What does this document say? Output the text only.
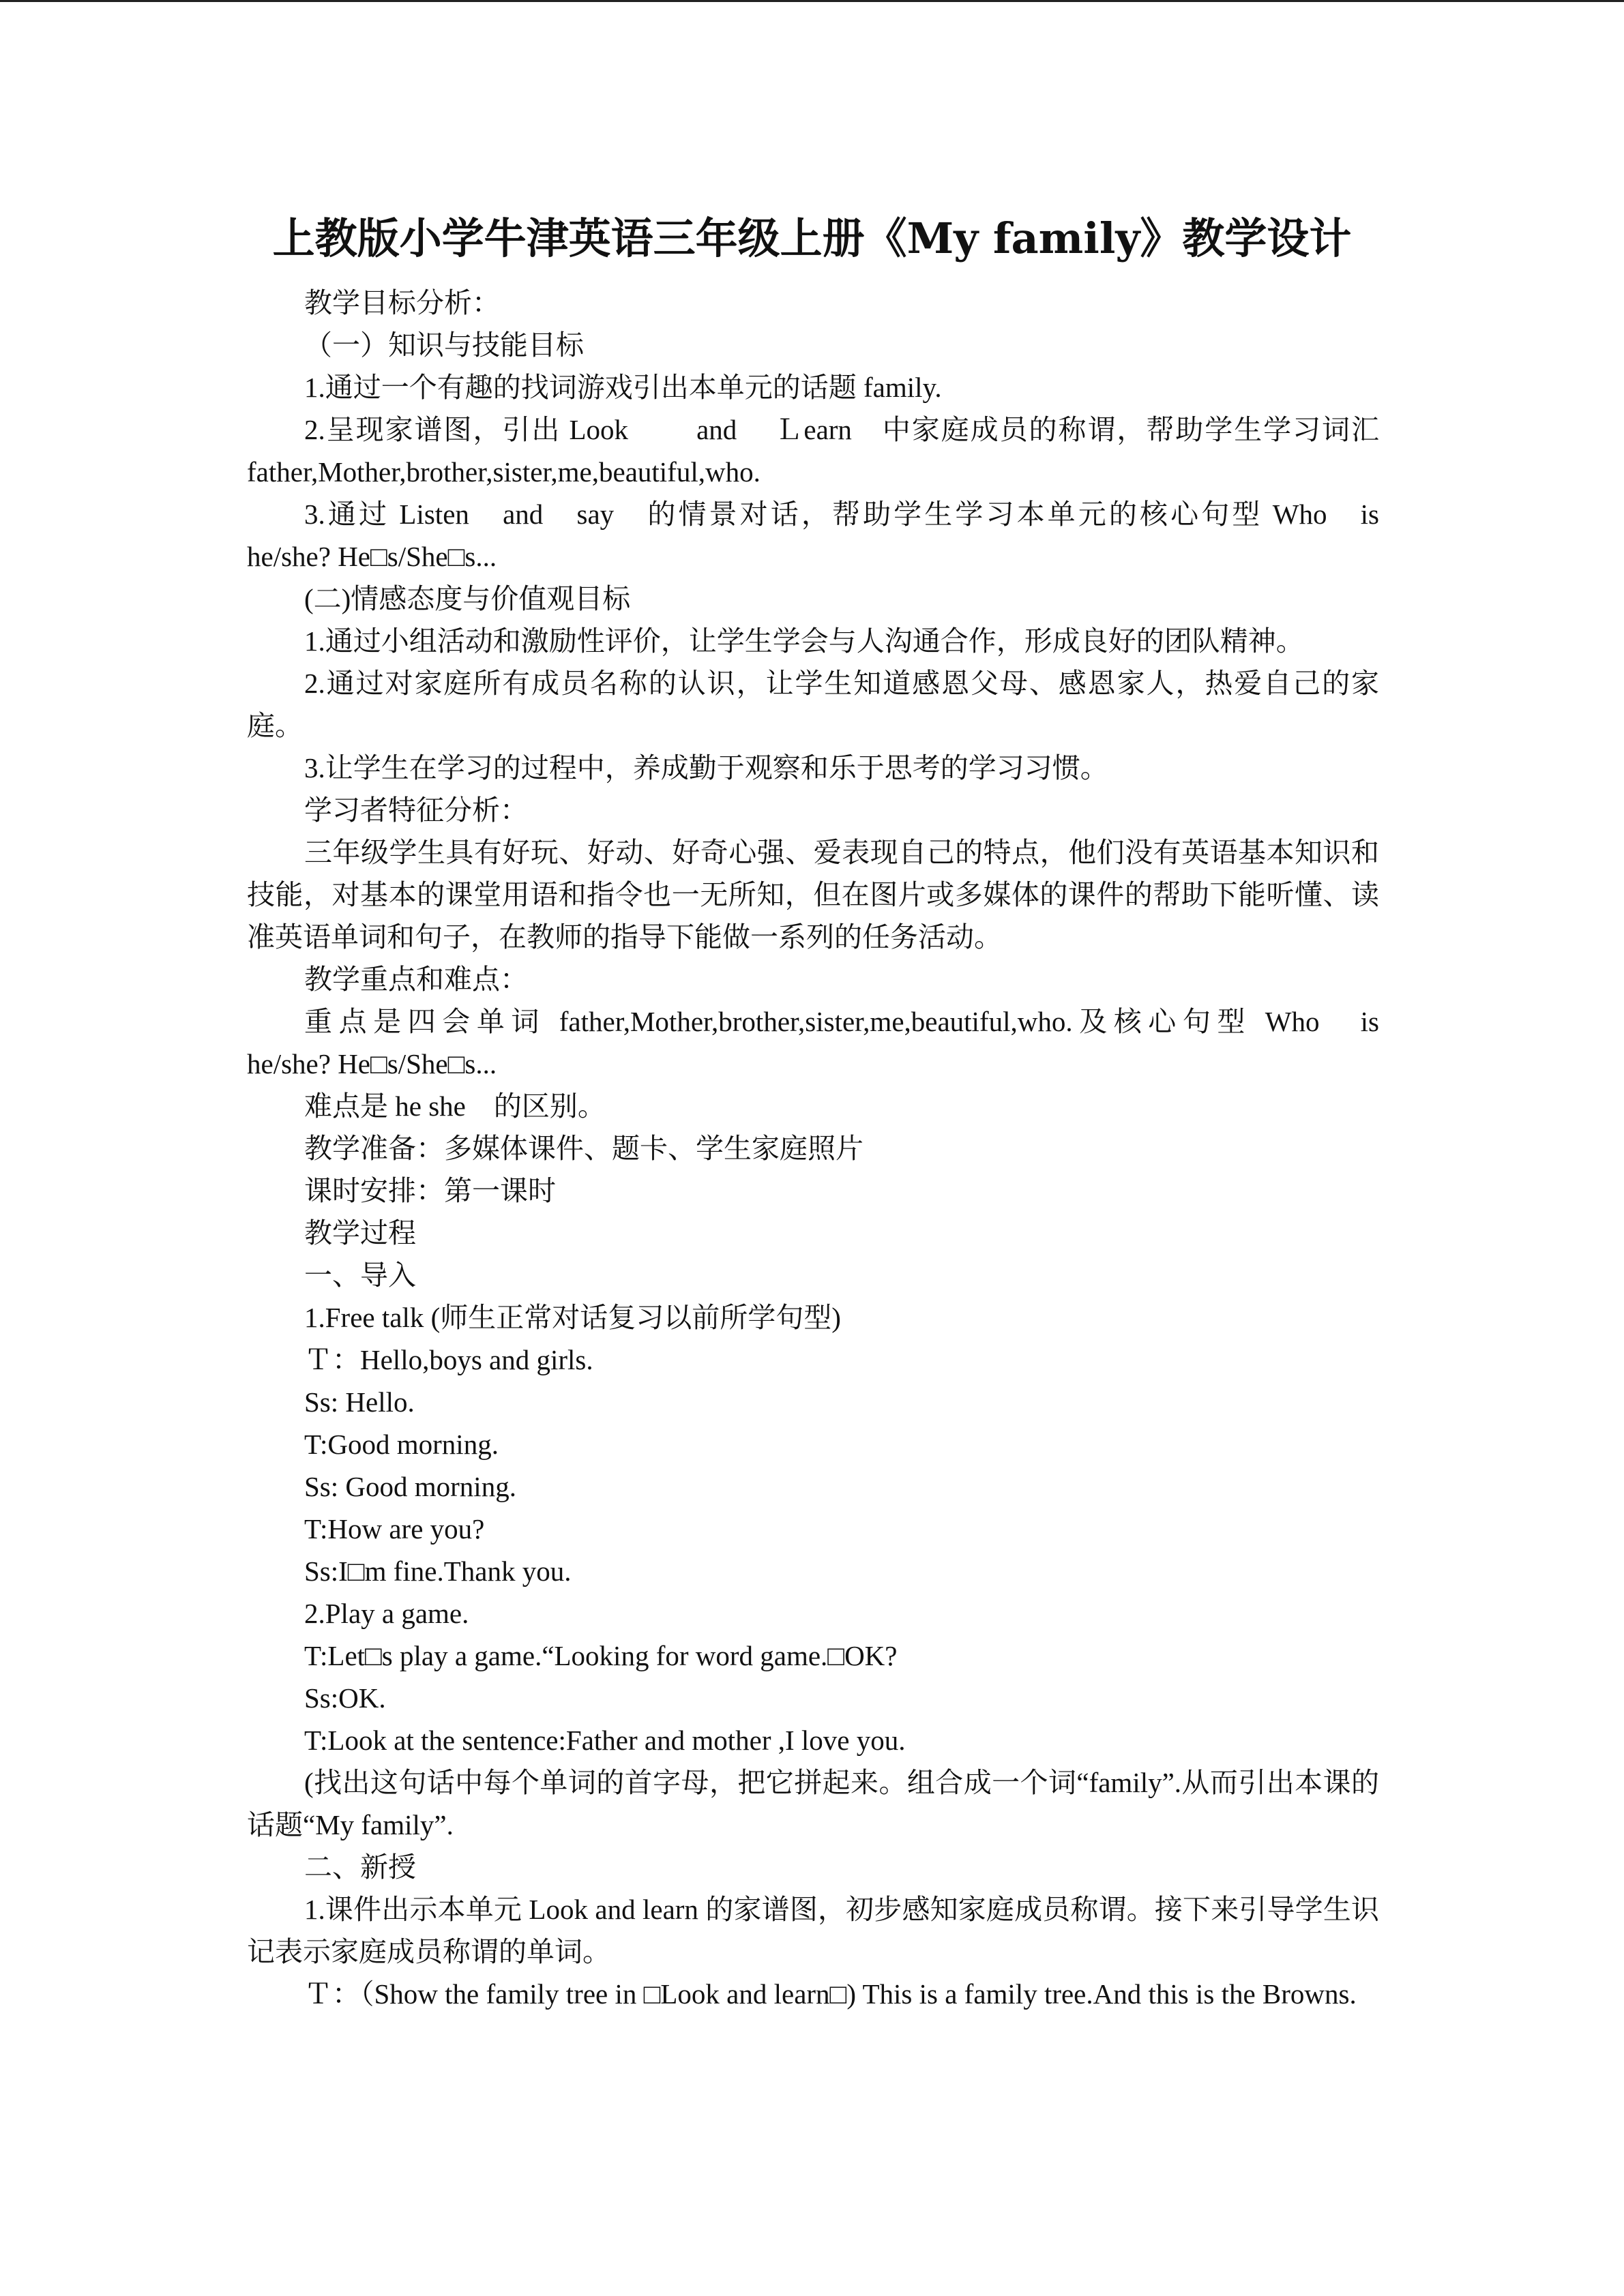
上教版小学牛津英语三年级上册《My family》教学设计

教学目标分析：

（一）知识与技能目标

1.通过一个有趣的找词游戏引出本单元的话题 family.

2.呈现家谱图，引出 Look　　 and 　Ｌearn　中家庭成员的称谓，帮助学生学习词汇 father,Mother,brother,sister,me,beautiful,who.

3.通过 Listen　and　say　的情景对话，帮助学生学习本单元的核心句型 Who　is　he/she? He□s/She□s...

(二)情感态度与价值观目标

1.通过小组活动和激励性评价，让学生学会与人沟通合作，形成良好的团队精神。

2.通过对家庭所有成员名称的认识，让学生知道感恩父母、感恩家人，热爱自己的家庭。

3.让学生在学习的过程中，养成勤于观察和乐于思考的学习习惯。

学习者特征分析：

三年级学生具有好玩、好动、好奇心强、爱表现自己的特点，他们没有英语基本知识和技能，对基本的课堂用语和指令也一无所知，但在图片或多媒体的课件的帮助下能听懂、读准英语单词和句子，在教师的指导下能做一系列的任务活动。

教学重点和难点：

重点是四会单词 father,Mother,brother,sister,me,beautiful,who.及核心句型 Who　is　he/she? He□s/She□s...

难点是 he she　的区别。

教学准备：多媒体课件、题卡、学生家庭照片

课时安排：第一课时

教学过程

一、导入

1.Free talk (师生正常对话复习以前所学句型)

Ｔ：Hello,boys and girls.

Ss: Hello.

T:Good morning.

Ss: Good morning.

T:How are you?

Ss:I□m fine.Thank you.

2.Play a game.

T:Let□s play a game.“Looking for word game.□OK?

Ss:OK.

T:Look at the sentence:Father and mother ,I love you.

(找出这句话中每个单词的首字母，把它拼起来。组合成一个词“family”.从而引出本课的话题“My family”.

二、新授

1.课件出示本单元 Look and learn 的家谱图，初步感知家庭成员称谓。接下来引导学生识记表示家庭成员称谓的单词。

Ｔ：（Show the family tree in □Look and learn□) This is a family tree.And this is the Browns.
